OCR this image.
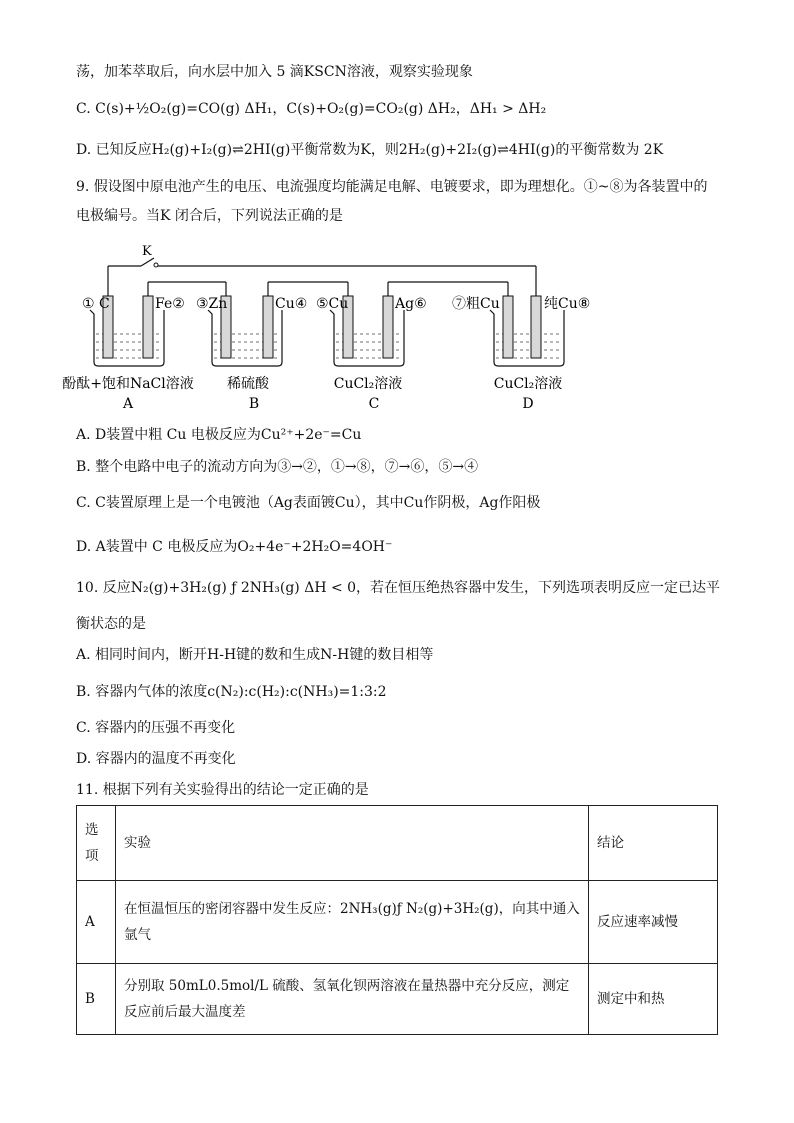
荡，加苯萃取后，向水层中加入 5 滴KSCN溶液，观察实验现象
C. C(s)+½O₂(g)=CO(g) ΔH₁，C(s)+O₂(g)=CO₂(g) ΔH₂，ΔH₁ > ΔH₂
D. 已知反应H₂(g)+I₂(g)⇌2HI(g)平衡常数为K，则2H₂(g)+2I₂(g)⇌4HI(g)的平衡常数为 2K
9. 假设图中原电池产生的电压、电流强度均能满足电解、电镀要求，即为理想化。①~⑧为各装置中的
电极编号。当K 闭合后，下列说法正确的是
K
① C	Fe② ③Zn	Cu④ ⑤Cu	Ag⑥ ⑦粗Cu	纯Cu⑧
酚酞+饱和NaCl溶液 稀硫酸	CuCl₂溶液	CuCl₂溶液
A	B	C	D
A. D装置中粗 Cu 电极反应为Cu²⁺+2e⁻=Cu
B. 整个电路中电子的流动方向为③→②，①→⑧，⑦→⑥，⑤→④
C. C装置原理上是一个电镀池（Ag表面镀Cu），其中Cu作阴极，Ag作阳极
D. A装置中 C 电极反应为O₂+4e⁻+2H₂O=4OH⁻
10. 反应N₂(g)+3H₂(g) ƒ 2NH₃(g) ΔH < 0，若在恒压绝热容器中发生，下列选项表明反应一定已达平
衡状态的是
A. 相同时间内，断开H-H键的数和生成N-H键的数目相等
B. 容器内气体的浓度c(N₂):c(H₂):c(NH₃)=1:3:2
C. 容器内的压强不再变化
D. 容器内的温度不再变化
11. 根据下列有关实验得出的结论一定正确的是
选项	实验	结论
A	在恒温恒压的密闭容器中发生反应：2NH₃(g)ƒ N₂(g)+3H₂(g)，向其中通入氩气	反应速率减慢
B	分别取 50mL0.5mol/L 硫酸、氢氧化钡两溶液在量热器中充分反应，测定反应前后最大温度差	测定中和热
